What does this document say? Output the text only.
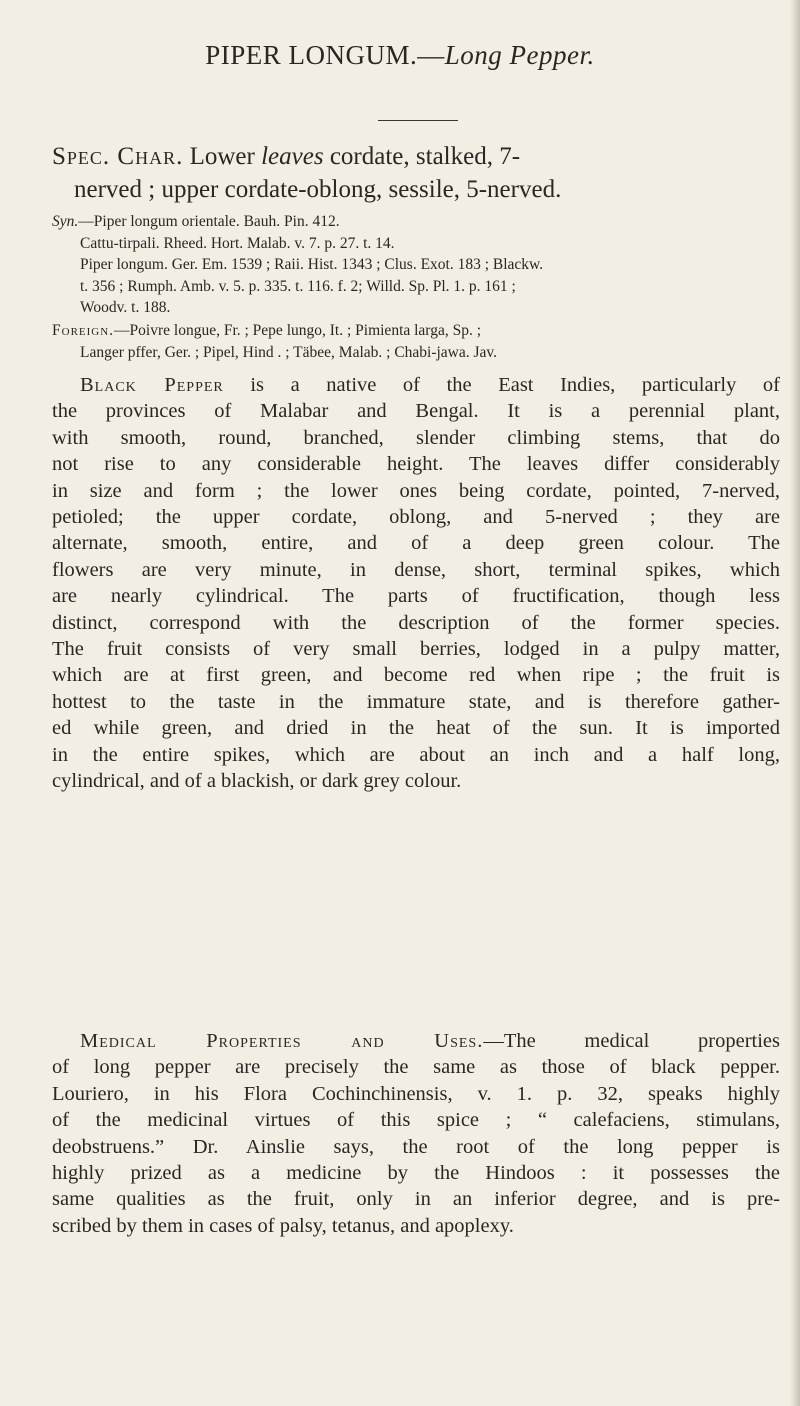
PIPER LONGUM.—Long Pepper.
Spec. Char. Lower leaves cordate, stalked, 7-
nerved ; upper cordate-oblong, sessile, 5-nerved.
Syn.—Piper longum orientale. Bauh. Pin. 412.
Cattu-tirpali. Rheed. Hort. Malab. v. 7. p. 27. t. 14.
Piper longum. Ger. Em. 1539 ; Raii. Hist. 1343 ; Clus. Exot. 183 ; Blackw.
t. 356 ; Rumph. Amb. v. 5. p. 335. t. 116. f. 2; Willd. Sp. Pl. 1. p. 161 ;
Woodv. t. 188.
Foreign.—Poivre longue, Fr. ; Pepe lungo, It. ; Pimienta larga, Sp. ;
Langer pffer, Ger. ; Pipel, Hind . ; Täbee, Malab. ; Chabi-jawa. Jav.
Black Pepper is a native of the East Indies, particularly of
the provinces of Malabar and Bengal. It is a perennial plant,
with smooth, round, branched, slender climbing stems, that do
not rise to any considerable height. The leaves differ considerably
in size and form ; the lower ones being cordate, pointed, 7-nerved,
petioled; the upper cordate, oblong, and 5-nerved ; they are
alternate, smooth, entire, and of a deep green colour. The
flowers are very minute, in dense, short, terminal spikes, which
are nearly cylindrical. The parts of fructification, though less
distinct, correspond with the description of the former species.
The fruit consists of very small berries, lodged in a pulpy matter,
which are at first green, and become red when ripe ; the fruit is
hottest to the taste in the immature state, and is therefore gather-
ed while green, and dried in the heat of the sun. It is imported
in the entire spikes, which are about an inch and a half long,
cylindrical, and of a blackish, or dark grey colour.
Medical Properties and Uses.—The medical properties
of long pepper are precisely the same as those of black pepper.
Louriero, in his Flora Cochinchinensis, v. 1. p. 32, speaks highly
of the medicinal virtues of this spice ; “ calefaciens, stimulans,
deobstruens.” Dr. Ainslie says, the root of the long pepper is
highly prized as a medicine by the Hindoos : it possesses the
same qualities as the fruit, only in an inferior degree, and is pre-
scribed by them in cases of palsy, tetanus, and apoplexy.
